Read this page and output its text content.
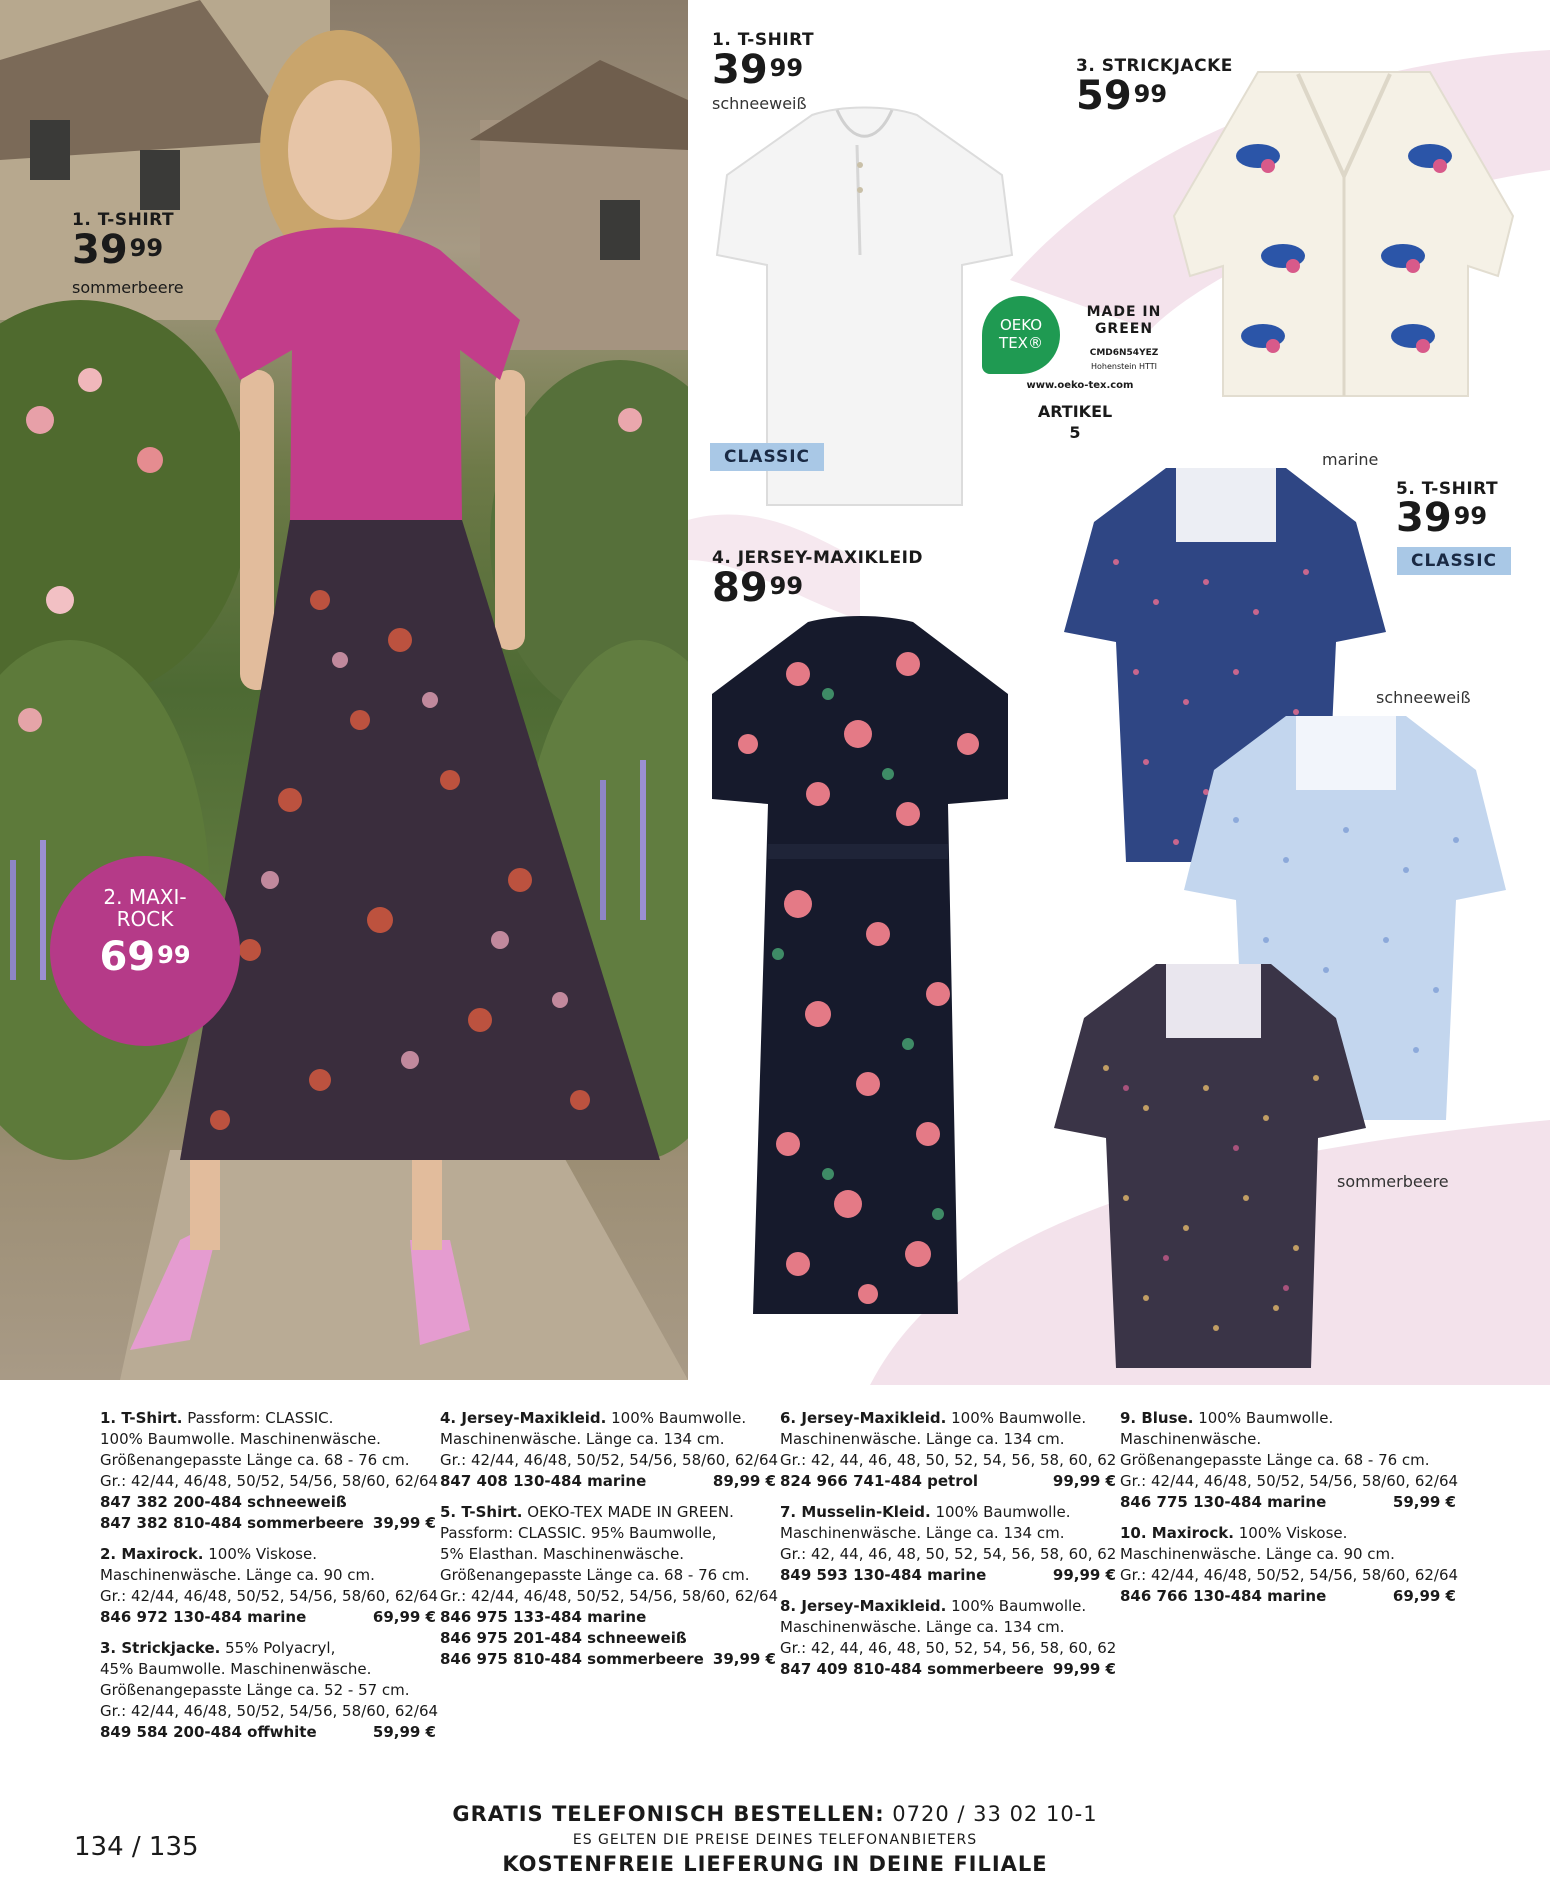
1. T-SHIRT
$39^{99}$
sommerbeere
2. MAXI-
ROCK
$69^{99}$
1. T-SHIRT
$39^{99}$
schneeweiß
CLASSIC
3. STRICKJACKE
$59^{99}$
OEKO
TEX®
MADE IN
GREEN
CMD6N54YEZ
Hohenstein HTTI
www.oeko-tex.com
ARTIKEL
5
4. JERSEY-MAXIKLEID
$89^{99}$
marine
5. T-SHIRT
$39^{99}$
CLASSIC
schneeweiß
sommerbeere
1. T-Shirt. Passform: CLASSIC.
100% Baumwolle. Maschinenwäsche.
Größenangepasste Länge ca. 68 - 76 cm.
Gr.: 42/44, 46/48, 50/52, 54/56, 58/60, 62/64
847 382 200-484 schneeweiß
847 382 810-484 sommerbeere 39,99 €
2. Maxirock. 100% Viskose.
Maschinenwäsche. Länge ca. 90 cm.
Gr.: 42/44, 46/48, 50/52, 54/56, 58/60, 62/64
846 972 130-484 marine	69,99 €
3. Strickjacke. 55% Polyacryl,
45% Baumwolle. Maschinenwäsche.
Größenangepasste Länge ca. 52 - 57 cm.
Gr.: 42/44, 46/48, 50/52, 54/56, 58/60, 62/64
849 584 200-484 offwhite	59,99 €
4. Jersey-Maxikleid. 100% Baumwolle.
Maschinenwäsche. Länge ca. 134 cm.
Gr.: 42/44, 46/48, 50/52, 54/56, 58/60, 62/64
847 408 130-484 marine	89,99 €
5. T-Shirt. OEKO-TEX MADE IN GREEN.
Passform: CLASSIC. 95% Baumwolle,
5% Elasthan. Maschinenwäsche.
Größenangepasste Länge ca. 68 - 76 cm.
Gr.: 42/44, 46/48, 50/52, 54/56, 58/60, 62/64
846 975 133-484 marine
846 975 201-484 schneeweiß
846 975 810-484 sommerbeere 39,99 €
6. Jersey-Maxikleid. 100% Baumwolle.
Maschinenwäsche. Länge ca. 134 cm.
Gr.: 42, 44, 46, 48, 50, 52, 54, 56, 58, 60, 62
824 966 741-484 petrol	99,99 €
7. Musselin-Kleid. 100% Baumwolle.
Maschinenwäsche. Länge ca. 134 cm.
Gr.: 42, 44, 46, 48, 50, 52, 54, 56, 58, 60, 62
849 593 130-484 marine	99,99 €
8. Jersey-Maxikleid. 100% Baumwolle.
Maschinenwäsche. Länge ca. 134 cm.
Gr.: 42, 44, 46, 48, 50, 52, 54, 56, 58, 60, 62
847 409 810-484 sommerbeere 99,99 €
9. Bluse. 100% Baumwolle.
Maschinenwäsche.
Größenangepasste Länge ca. 68 - 76 cm.
Gr.: 42/44, 46/48, 50/52, 54/56, 58/60, 62/64
846 775 130-484 marine	59,99 €
10. Maxirock. 100% Viskose.
Maschinenwäsche. Länge ca. 90 cm.
Gr.: 42/44, 46/48, 50/52, 54/56, 58/60, 62/64
846 766 130-484 marine	69,99 €
GRATIS TELEFONISCH BESTELLEN: 0720 / 33 02 10-1
ES GELTEN DIE PREISE DEINES TELEFONANBIETERS
KOSTENFREIE LIEFERUNG IN DEINE FILIALE
134 / 135
